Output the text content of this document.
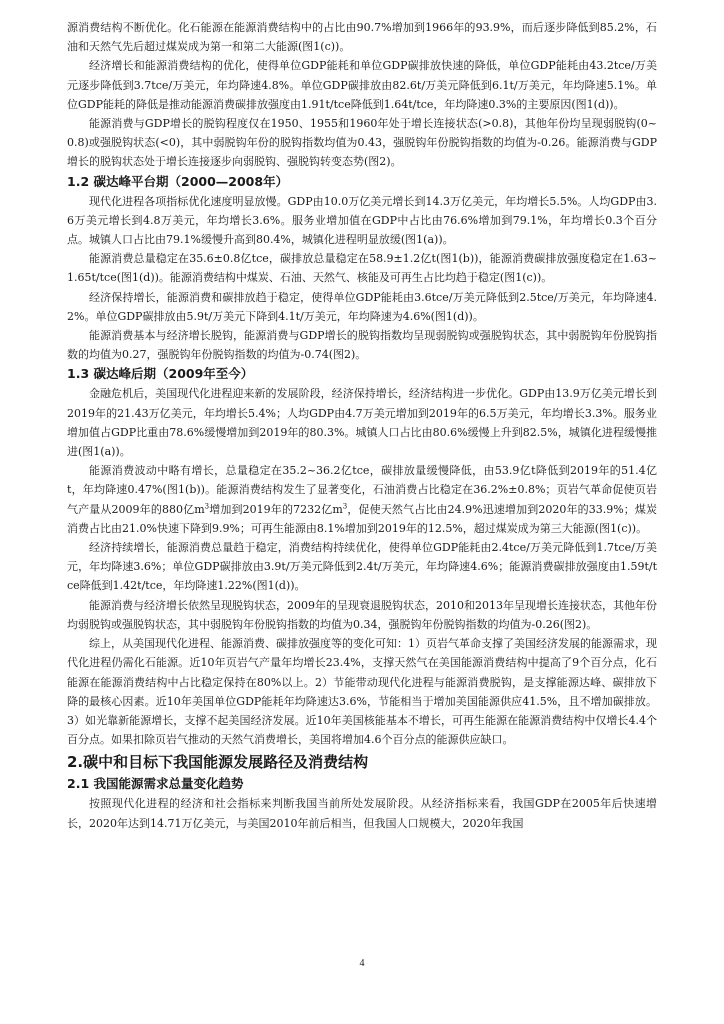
源消费结构不断优化。化石能源在能源消费结构中的占比由90.7%增加到1966年的93.9%，而后逐步降低到85.2%，石油和天然气先后超过煤炭成为第一和第二大能源(图1(c))。

经济增长和能源消费结构的优化，使得单位GDP能耗和单位GDP碳排放快速的降低，单位GDP能耗由43.2tce/万美元逐步降低到3.7tce/万美元，年均降速4.8%。单位GDP碳排放由82.6t/万美元降低到6.1t/万美元，年均降速5.1%。单位GDP能耗的降低是推动能源消费碳排放强度由1.91t/tce降低到1.64t/tce，年均降速0.3%的主要原因(图1(d))。

能源消费与GDP增长的脱钩程度仅在1950、1955和1960年处于增长连接状态(>0.8)，其他年份均呈现弱脱钩(0~0.8)或强脱钩状态(<0)，其中弱脱钩年份的脱钩指数均值为0.43，强脱钩年份脱钩指数的均值为-0.26。能源消费与GDP增长的脱钩状态处于增长连接逐步向弱脱钩、强脱钩转变态势(图2)。

1.2 碳达峰平台期（2000—2008年）

现代化进程各项指标优化速度明显放慢。GDP由10.0万亿美元增长到14.3万亿美元，年均增长5.5%。人均GDP由3.6万美元增长到4.8万美元，年均增长3.6%。服务业增加值在GDP中占比由76.6%增加到79.1%，年均增长0.3个百分点。城镇人口占比由79.1%缓慢升高到80.4%，城镇化进程明显放缓(图1(a))。

能源消费总量稳定在35.6±0.8亿tce，碳排放总量稳定在58.9±1.2亿t(图1(b))，能源消费碳排放强度稳定在1.63~1.65t/tce(图1(d))。能源消费结构中煤炭、石油、天然气、核能及可再生占比均趋于稳定(图1(c))。

经济保持增长，能源消费和碳排放趋于稳定，使得单位GDP能耗由3.6tce/万美元降低到2.5tce/万美元，年均降速4.2%。单位GDP碳排放由5.9t/万美元下降到4.1t/万美元，年均降速为4.6%(图1(d))。

能源消费基本与经济增长脱钩，能源消费与GDP增长的脱钩指数均呈现弱脱钩或强脱钩状态，其中弱脱钩年份脱钩指数的均值为0.27，强脱钩年份脱钩指数的均值为-0.74(图2)。

1.3 碳达峰后期（2009年至今）

金融危机后，美国现代化进程迎来新的发展阶段，经济保持增长，经济结构进一步优化。GDP由13.9万亿美元增长到2019年的21.43万亿美元，年均增长5.4%；人均GDP由4.7万美元增加到2019年的6.5万美元，年均增长3.3%。服务业增加值占GDP比重由78.6%缓慢增加到2019年的80.3%。城镇人口占比由80.6%缓慢上升到82.5%，城镇化进程缓慢推进(图1(a))。

能源消费波动中略有增长，总量稳定在35.2~36.2亿tce，碳排放量缓慢降低，由53.9亿t降低到2019年的51.4亿t，年均降速0.47%(图1(b))。能源消费结构发生了显著变化，石油消费占比稳定在36.2%±0.8%；页岩气革命促使页岩气产量从2009年的880亿$m^3$增加到2019年的7232亿$m^3$，促使天然气占比由24.9%迅速增加到2020年的33.9%；煤炭消费占比由21.0%快速下降到9.9%；可再生能源由8.1%增加到2019年的12.5%，超过煤炭成为第三大能源(图1(c))。

经济持续增长，能源消费总量趋于稳定，消费结构持续优化，使得单位GDP能耗由2.4tce/万美元降低到1.7tce/万美元，年均降速3.6%；单位GDP碳排放由3.9t/万美元降低到2.4t/万美元，年均降速4.6%；能源消费碳排放强度由1.59t/tce降低到1.42t/tce，年均降速1.22%(图1(d))。

能源消费与经济增长依然呈现脱钩状态，2009年的呈现衰退脱钩状态，2010和2013年呈现增长连接状态，其他年份均弱脱钩或强脱钩状态，其中弱脱钩年份脱钩指数的均值为0.34，强脱钩年份脱钩指数的均值为-0.26(图2)。

综上，从美国现代化进程、能源消费、碳排放强度等的变化可知：1）页岩气革命支撑了美国经济发展的能源需求，现代化进程仍需化石能源。近10年页岩气产量年均增长23.4%，支撑天然气在美国能源消费结构中提高了9个百分点，化石能源在能源消费结构中占比稳定保持在80%以上。2）节能带动现代化进程与能源消费脱钩，是支撑能源达峰、碳排放下降的最核心因素。近10年美国单位GDP能耗年均降速达3.6%，节能相当于增加美国能源供应41.5%，且不增加碳排放。3）如光靠新能源增长，支撑不起美国经济发展。近10年美国核能基本不增长，可再生能源在能源消费结构中仅增长4.4个百分点。如果扣除页岩气推动的天然气消费增长，美国将增加4.6个百分点的能源供应缺口。

2.碳中和目标下我国能源发展路径及消费结构
2.1 我国能源需求总量变化趋势

按照现代化进程的经济和社会指标来判断我国当前所处发展阶段。从经济指标来看，我国GDP在2005年后快速增长，2020年达到14.71万亿美元，与美国2010年前后相当，但我国人口规模大，2020年我国

4
